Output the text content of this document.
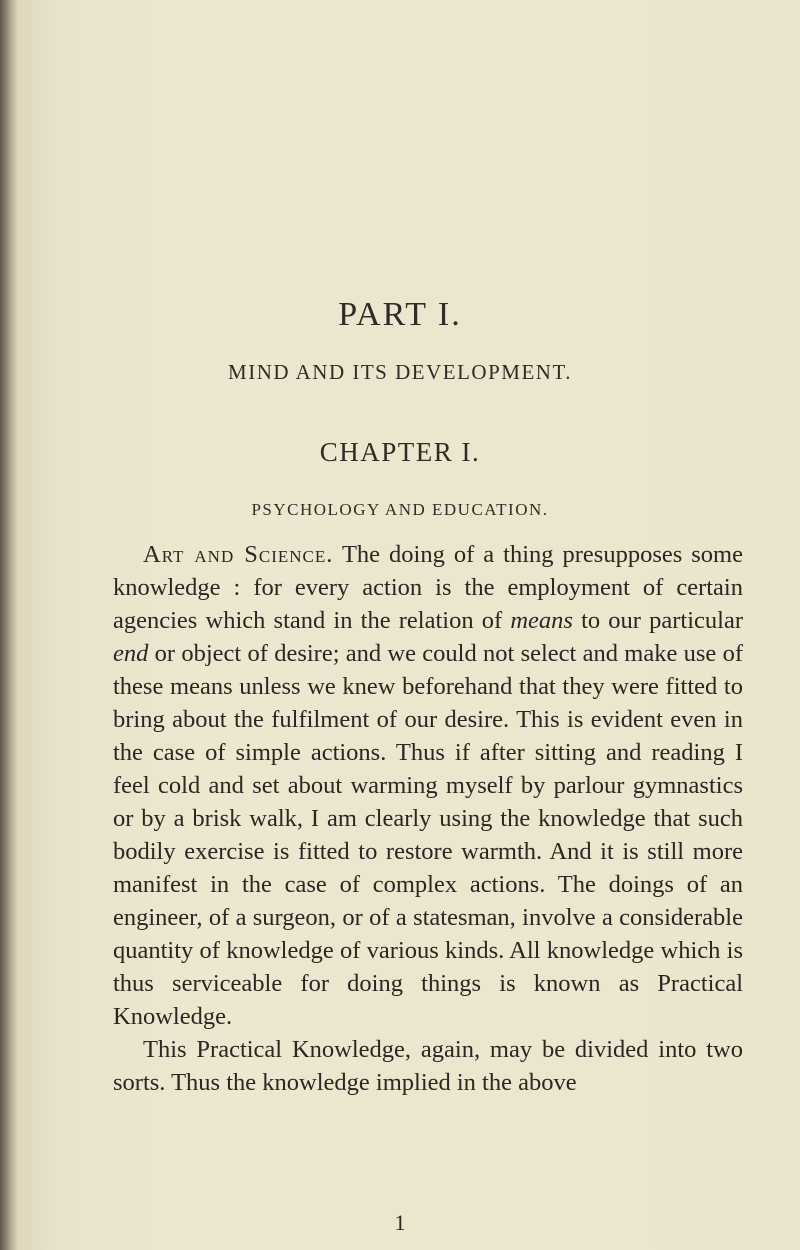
PART I.
MIND AND ITS DEVELOPMENT.
CHAPTER I.
PSYCHOLOGY AND EDUCATION.

Art and Science. The doing of a thing presupposes some knowledge : for every action is the employment of certain agencies which stand in the relation of means to our particular end or object of desire; and we could not select and make use of these means unless we knew beforehand that they were fitted to bring about the fulfilment of our desire. This is evident even in the case of simple actions. Thus if after sitting and reading I feel cold and set about warming myself by parlour gymnastics or by a brisk walk, I am clearly using the knowledge that such bodily exercise is fitted to restore warmth. And it is still more manifest in the case of complex actions. The doings of an engineer, of a surgeon, or of a statesman, involve a considerable quantity of knowledge of various kinds. All knowledge which is thus serviceable for doing things is known as Practical Knowledge.

This Practical Knowledge, again, may be divided into two sorts. Thus the knowledge implied in the above

1
